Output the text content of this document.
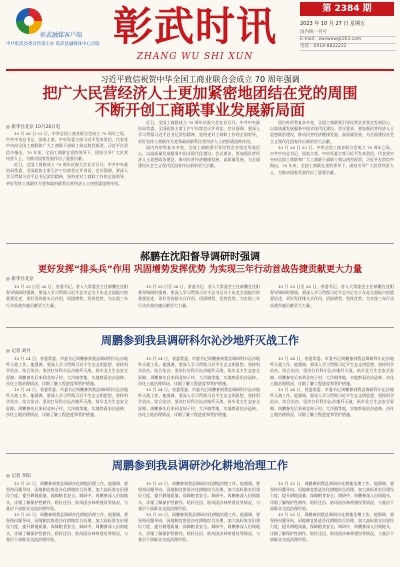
彰武融媒客户端
中共彰武县委宣传部主办 彰武县融媒体中心出版 彰武时讯
ZHANG WU SHI XUN
第 2384 期
2023 年 10 月 27 日 星期五
国内统一刊号
E-mail：zwswxw@163.com
电话：0418-8822222
习近平致信祝贺中华全国工商业联合会成立 70 周年强调
把广大民营经济人士更加紧密地团结在党的周围
不断开创工商联事业发展新局面
◎ 新华社北京 10月26日电

10 月 26 日 22 日，中华全国工商业联合会成立 70 周年之际，中共中央总书记、国家主席、中央军委主席习近平发来贺信，代表党中央向全国工商联和广大工商联干部职工致以热烈祝贺。习近平在贺信中指出，70 年来，全国工商联在党的领导下，团结引导广大民营经济人士，为推动国家发展作出了重要贡献。

近日，全国工商联成立 70 周年庆祝大会在京召开。中共中央政治局常委、全国政协主席王沪宁出席会议并讲话。会议强调，要深入学习贯彻习近平总书记贺信精神，坚持党对工商联工作的全面领导，更好发挥工商联作为党和政府联系民营经济人士的桥梁纽带作用。

近日，全国工商联成立 70 周年庆祝大会在京召开。中共中央政治局常委、全国政协主席王沪宁出席会议并讲话。会议强调，要深入学习贯彻习近平总书记贺信精神，坚持党对工商联工作的全面领导，更好发挥工商联作为党和政府联系民营经济人士的桥梁纽带作用。

国内外形势复杂多变，全国工商联要引导民营企业坚定发展信心，以高质量发展服务中国式现代化建设。会议要求，要加强民营经济人士思想政治建设，推动民营经济健康发展、高质量发展，为全面建设社会主义现代化国家作出新的更大贡献。

国内外形势复杂多变，全国工商联要引导民营企业坚定发展信心，以高质量发展服务中国式现代化建设。会议要求，要加强民营经济人士思想政治建设，推动民营经济健康发展、高质量发展，为全面建设社会主义现代化国家作出新的更大贡献。

10 月 26 日 22 日，中华全国工商业联合会成立 70 周年之际，中共中央总书记、国家主席、中央军委主席习近平发来贺信，代表党中央向全国工商联和广大工商联干部职工致以热烈祝贺。习近平在贺信中指出，70 年来，全国工商联在党的领导下，团结引导广大民营经济人士，为推动国家发展作出了重要贡献。

郝鹏在沈阳督导调研时强调
更好发挥“排头兵”作用 巩固增势发挥优势 为实现三年行动首战告捷贡献更大力量
◎ 新华社北京

10 月 25 日至 26 日，省委书记、省人大常委会主任郝鹏在沈阳督导调研时强调，要深入学习贯彻习近平总书记关于东北全面振兴的重要论述，更好发挥排头兵作用，巩固增势、发挥优势，为实现三年行动首战告捷贡献更大力量。

10 月 25 日至 26 日，省委书记、省人大常委会主任郝鹏在沈阳督导调研时强调，要深入学习贯彻习近平总书记关于东北全面振兴的重要论述，更好发挥排头兵作用，巩固增势、发挥优势，为实现三年行动首战告捷贡献更大力量。

10 月 25 日至 26 日，省委书记、省人大常委会主任郝鹏在沈阳督导调研时强调，要深入学习贯彻习近平总书记关于东北全面振兴的重要论述，更好发挥排头兵作用，巩固增势、发挥优势，为实现三年行动首战告捷贡献更大力量。

周鹏参到我县调研科尔沁沙地歼灭战工作
◎ 记者 刘丹

10 月 24 日，省委常委、市委书记周鹏参到我县调研科尔沁沙地歼灭战工作。他强调，要深入学习贯彻习近平生态文明思想，坚持科学治沙、综合治沙，坚决打好科尔沁沙地歼灭战，筑牢北方生态安全屏障。周鹏参先后来到北甸子村、大冷镇等地，实地察看治沙造林、沙化土地治理情况，详细了解工程进度和管护措施。

10 月 24 日，省委常委、市委书记周鹏参到我县调研科尔沁沙地歼灭战工作。他强调，要深入学习贯彻习近平生态文明思想，坚持科学治沙、综合治沙，坚决打好科尔沁沙地歼灭战，筑牢北方生态安全屏障。周鹏参先后来到北甸子村、大冷镇等地，实地察看治沙造林、沙化土地治理情况，详细了解工程进度和管护措施。

10 月 24 日，省委常委、市委书记周鹏参到我县调研科尔沁沙地歼灭战工作。他强调，要深入学习贯彻习近平生态文明思想，坚持科学治沙、综合治沙，坚决打好科尔沁沙地歼灭战，筑牢北方生态安全屏障。周鹏参先后来到北甸子村、大冷镇等地，实地察看治沙造林、沙化土地治理情况，详细了解工程进度和管护措施。

10 月 24 日，省委常委、市委书记周鹏参到我县调研科尔沁沙地歼灭战工作。他强调，要深入学习贯彻习近平生态文明思想，坚持科学治沙、综合治沙，坚决打好科尔沁沙地歼灭战，筑牢北方生态安全屏障。周鹏参先后来到北甸子村、大冷镇等地，实地察看治沙造林、沙化土地治理情况，详细了解工程进度和管护措施。

10 月 24 日，省委常委、市委书记周鹏参到我县调研科尔沁沙地歼灭战工作。他强调，要深入学习贯彻习近平生态文明思想，坚持科学治沙、综合治沙，坚决打好科尔沁沙地歼灭战，筑牢北方生态安全屏障。周鹏参先后来到北甸子村、大冷镇等地，实地察看治沙造林、沙化土地治理情况，详细了解工程进度和管护措施。

10 月 24 日，省委常委、市委书记周鹏参到我县调研科尔沁沙地歼灭战工作。他强调，要深入学习贯彻习近平生态文明思想，坚持科学治沙、综合治沙，坚决打好科尔沁沙地歼灭战，筑牢北方生态安全屏障。周鹏参先后来到北甸子村、大冷镇等地，实地察看治沙造林、沙化土地治理情况，详细了解工程进度和管护措施。

周鹏参到我县调研沙化耕地治理工作
◎ 记者 李阳

10 月 25 日，周鹏参到我县调研沙化耕地治理工作。他强调，要坚持问题导向，因地制宜推进沙化耕地综合治理，加大高标准农田建设力度，提升耕地质量，保障粮食安全。调研中，周鹏参深入田间地头，详细了解保护性耕作、秸秆还田、防风固沙林带建设等情况，与基层干部群众交流治理经验。

10 月 25 日，周鹏参到我县调研沙化耕地治理工作。他强调，要坚持问题导向，因地制宜推进沙化耕地综合治理，加大高标准农田建设力度，提升耕地质量，保障粮食安全。调研中，周鹏参深入田间地头，详细了解保护性耕作、秸秆还田、防风固沙林带建设等情况，与基层干部群众交流治理经验。

10 月 25 日，周鹏参到我县调研沙化耕地治理工作。他强调，要坚持问题导向，因地制宜推进沙化耕地综合治理，加大高标准农田建设力度，提升耕地质量，保障粮食安全。调研中，周鹏参深入田间地头，详细了解保护性耕作、秸秆还田、防风固沙林带建设等情况，与基层干部群众交流治理经验。

10 月 25 日，周鹏参到我县调研沙化耕地治理工作。他强调，要坚持问题导向，因地制宜推进沙化耕地综合治理，加大高标准农田建设力度，提升耕地质量，保障粮食安全。调研中，周鹏参深入田间地头，详细了解保护性耕作、秸秆还田、防风固沙林带建设等情况，与基层干部群众交流治理经验。

10 月 25 日，周鹏参到我县调研沙化耕地治理工作。他强调，要坚持问题导向，因地制宜推进沙化耕地综合治理，加大高标准农田建设力度，提升耕地质量，保障粮食安全。调研中，周鹏参深入田间地头，详细了解保护性耕作、秸秆还田、防风固沙林带建设等情况，与基层干部群众交流治理经验。

10 月 25 日，周鹏参到我县调研沙化耕地治理工作。他强调，要坚持问题导向，因地制宜推进沙化耕地综合治理，加大高标准农田建设力度，提升耕地质量，保障粮食安全。调研中，周鹏参深入田间地头，详细了解保护性耕作、秸秆还田、防风固沙林带建设等情况，与基层干部群众交流治理经验。
